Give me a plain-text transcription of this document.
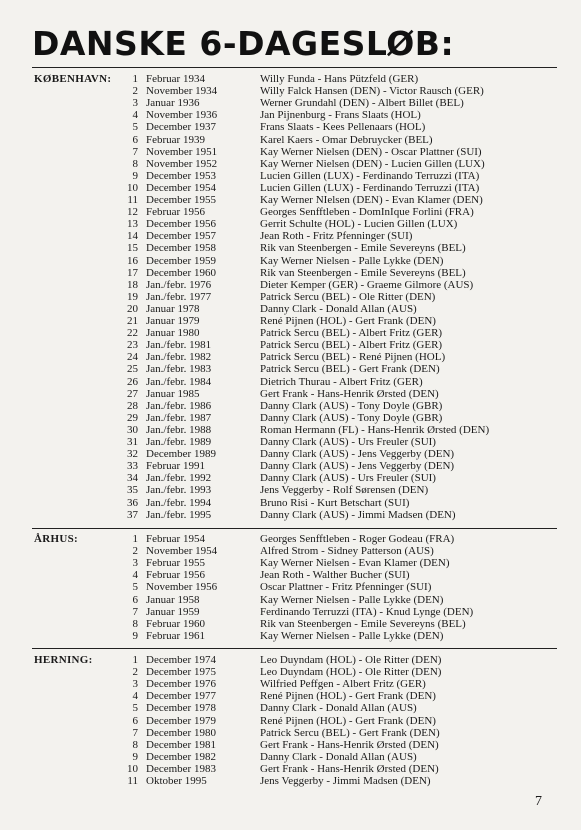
DANSKE 6-DAGESLØB:
KØBENHAVN:	1 Februar 1934	Willy Funda - Hans Pützfeld (GER)
2 November 1934	Willy Falck Hansen (DEN) - Victor Rausch (GER)
3 Januar 1936	Werner Grundahl (DEN) - Albert Billet (BEL)
4 November 1936	Jan Pijnenburg - Frans Slaats (HOL)
5 December 1937	Frans Slaats - Kees Pellenaars (HOL)
6 Februar 1939	Karel Kaers - Omar Debruycker (BEL)
7 November 1951	Kay Werner Nielsen (DEN) - Oscar Plattner (SUI)
8 November 1952	Kay Werner Nielsen (DEN) - Lucien Gillen (LUX)
9 December 1953	Lucien Gillen (LUX) - Ferdinando Terruzzi (ITA)
10 December 1954	Lucien Gillen (LUX) - Ferdinando Terruzzi (ITA)
11 December 1955	Kay Werner NIelsen (DEN) - Evan Klamer (DEN)
12 Februar 1956	Georges Senfftleben - DomInIque Forlini (FRA)
13 December 1956	Gerrit Schulte (HOL) - Lucien Gillen (LUX)
14 December 1957	Jean Roth - Fritz Pfenninger (SUI)
15 December 1958	Rik van Steenbergen - Emile Severeyns (BEL)
16 December 1959	Kay Werner Nielsen - Palle Lykke (DEN)
17 December 1960	Rik van Steenbergen - Emile Severeyns (BEL)
18 Jan./febr. 1976	Dieter Kemper (GER) - Graeme Gilmore (AUS)
19 Jan./febr. 1977	Patrick Sercu (BEL) - Ole Ritter (DEN)
20 Januar 1978	Danny Clark - Donald Allan (AUS)
21 Januar 1979	René Pijnen (HOL) - Gert Frank (DEN)
22 Januar 1980	Patrick Sercu (BEL) - Albert Fritz (GER)
23 Jan./febr. 1981	Patrick Sercu (BEL) - Albert Fritz (GER)
24 Jan./febr. 1982	Patrick Sercu (BEL) - René Pijnen (HOL)
25 Jan./febr. 1983	Patrick Sercu (BEL) - Gert Frank (DEN)
26 Jan./febr. 1984	Dietrich Thurau - Albert Fritz (GER)
27 Januar 1985	Gert Frank - Hans-Henrik Ørsted (DEN)
28 Jan./febr. 1986	Danny Clark (AUS) - Tony Doyle (GBR)
29 Jan./febr. 1987	Danny Clark (AUS) - Tony Doyle (GBR)
30 Jan./febr. 1988	Roman Hermann (FL) - Hans-Henrik Ørsted (DEN)
31 Jan./febr. 1989	Danny Clark (AUS) - Urs Freuler (SUI)
32 December 1989	Danny Clark (AUS) - Jens Veggerby (DEN)
33 Februar 1991	Danny Clark (AUS) - Jens Veggerby (DEN)
34 Jan./febr. 1992	Danny Clark (AUS) - Urs Freuler (SUI)
35 Jan./febr. 1993	Jens Veggerby - Rolf Sørensen (DEN)
36 Jan./febr. 1994	Bruno Risi - Kurt Betschart (SUI)
37 Jan./febr. 1995	Danny Clark (AUS) - Jimmi Madsen (DEN)
ÅRHUS:	1 Februar 1954	Georges Senfftleben - Roger Godeau (FRA)
2 November 1954	Alfred Strom - Sidney Patterson (AUS)
3 Februar 1955	Kay Werner Nielsen - Evan Klamer (DEN)
4 Februar 1956	Jean Roth - Walther Bucher (SUI)
5 November 1956	Oscar Plattner - Fritz Pfenninger (SUI)
6 Januar 1958	Kay Werner Nielsen - Palle Lykke (DEN)
7 Januar 1959	Ferdinando Terruzzi (ITA) - Knud Lynge (DEN)
8 Februar 1960	Rik van Steenbergen - Emile Severeyns (BEL)
9 Februar 1961	Kay Werner Nielsen - Palle Lykke (DEN)
HERNING:	1 December 1974	Leo Duyndam (HOL) - Ole Ritter (DEN)
2 December 1975	Leo Duyndam (HOL) - Ole Ritter (DEN)
3 December 1976	Wilfried Peffgen - Albert Fritz (GER)
4 December 1977	René Pijnen (HOL) - Gert Frank (DEN)
5 December 1978	Danny Clark - Donald Allan (AUS)
6 December 1979	René Pijnen (HOL) - Gert Frank (DEN)
7 December 1980	Patrick Sercu (BEL) - Gert Frank (DEN)
8 December 1981	Gert Frank - Hans-Henrik Ørsted (DEN)
9 December 1982	Danny Clark - Donald Allan (AUS)
10 December 1983	Gert Frank - Hans-Henrik Ørsted (DEN)
11 Oktober 1995	Jens Veggerby - Jimmi Madsen (DEN)
7
